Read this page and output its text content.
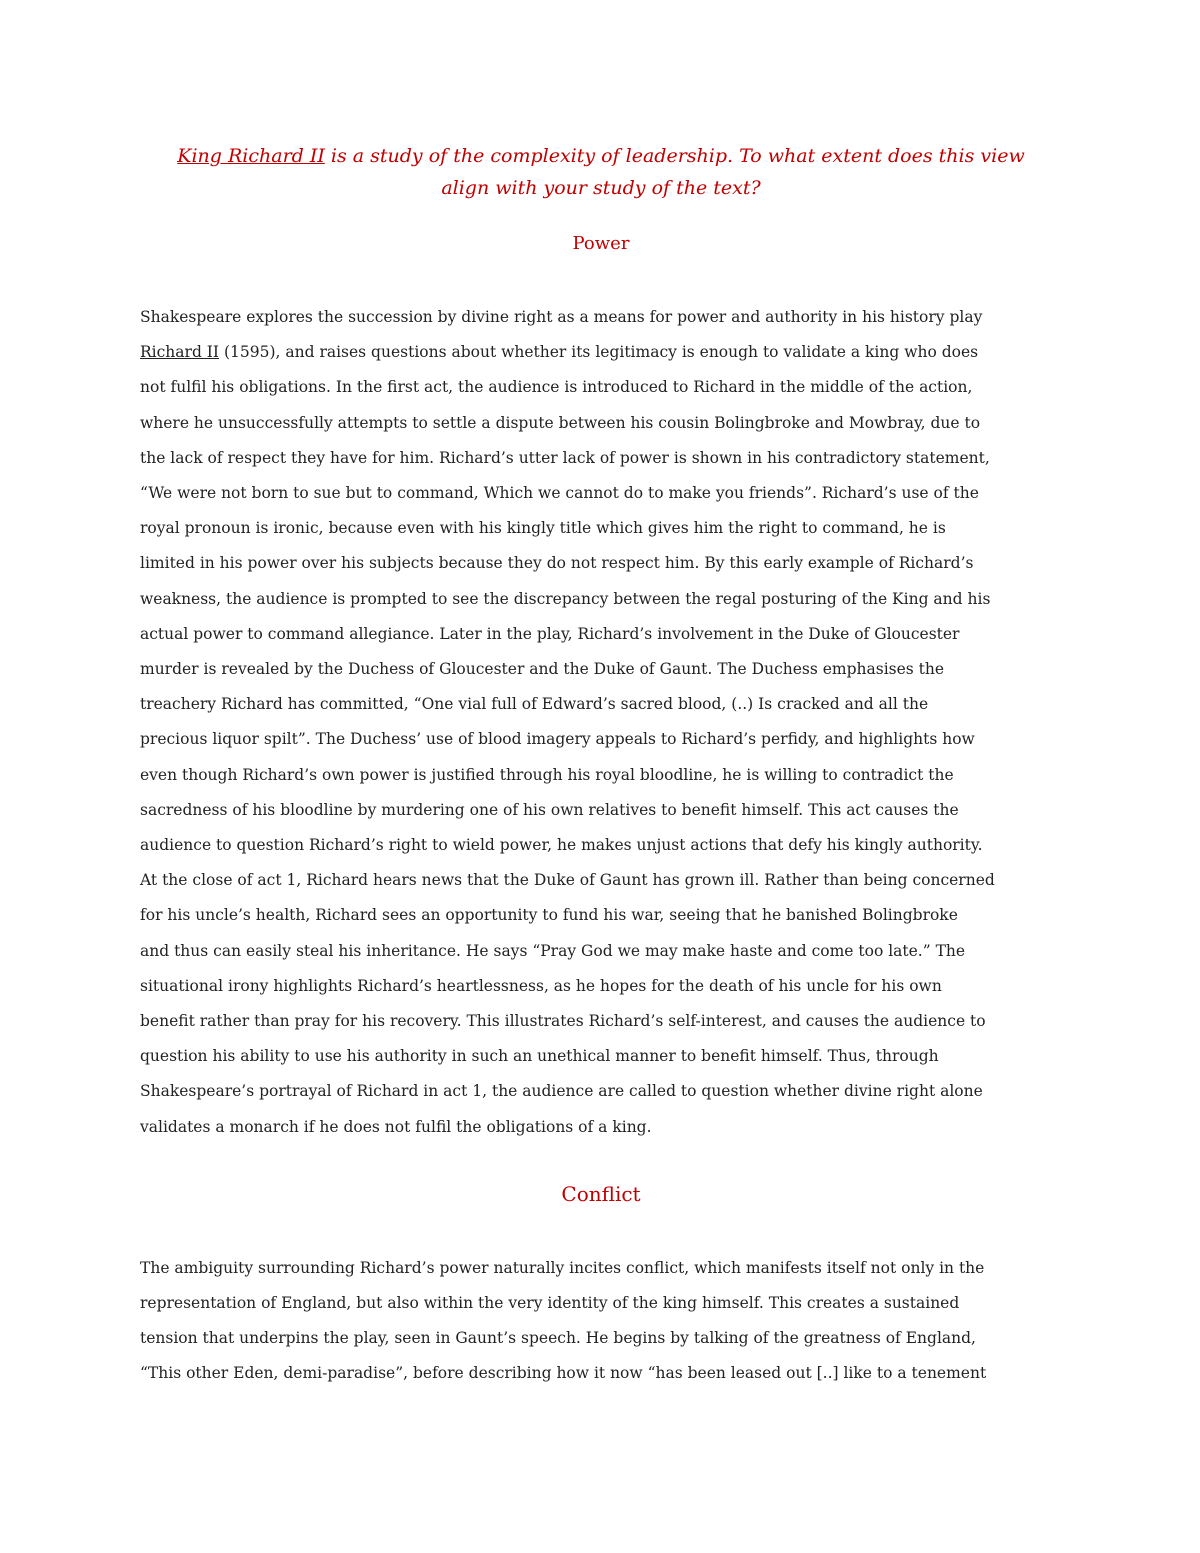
King Richard II is a study of the complexity of leadership. To what extent does this view
align with your study of the text?

Power

Shakespeare explores the succession by divine right as a means for power and authority in his history play
Richard II (1595), and raises questions about whether its legitimacy is enough to validate a king who does
not fulfil his obligations. In the first act, the audience is introduced to Richard in the middle of the action,
where he unsuccessfully attempts to settle a dispute between his cousin Bolingbroke and Mowbray, due to
the lack of respect they have for him. Richard’s utter lack of power is shown in his contradictory statement,
“We were not born to sue but to command, Which we cannot do to make you friends”. Richard’s use of the
royal pronoun is ironic, because even with his kingly title which gives him the right to command, he is
limited in his power over his subjects because they do not respect him. By this early example of Richard’s
weakness, the audience is prompted to see the discrepancy between the regal posturing of the King and his
actual power to command allegiance. Later in the play, Richard’s involvement in the Duke of Gloucester
murder is revealed by the Duchess of Gloucester and the Duke of Gaunt. The Duchess emphasises the
treachery Richard has committed, “One vial full of Edward’s sacred blood, (..) Is cracked and all the
precious liquor spilt”. The Duchess’ use of blood imagery appeals to Richard’s perfidy, and highlights how
even though Richard’s own power is justified through his royal bloodline, he is willing to contradict the
sacredness of his bloodline by murdering one of his own relatives to benefit himself. This act causes the
audience to question Richard’s right to wield power, he makes unjust actions that defy his kingly authority.
At the close of act 1, Richard hears news that the Duke of Gaunt has grown ill. Rather than being concerned
for his uncle’s health, Richard sees an opportunity to fund his war, seeing that he banished Bolingbroke
and thus can easily steal his inheritance. He says “Pray God we may make haste and come too late.” The
situational irony highlights Richard’s heartlessness, as he hopes for the death of his uncle for his own
benefit rather than pray for his recovery. This illustrates Richard’s self-interest, and causes the audience to
question his ability to use his authority in such an unethical manner to benefit himself. Thus, through
Shakespeare’s portrayal of Richard in act 1, the audience are called to question whether divine right alone
validates a monarch if he does not fulfil the obligations of a king.

Conflict

The ambiguity surrounding Richard’s power naturally incites conflict, which manifests itself not only in the
representation of England, but also within the very identity of the king himself. This creates a sustained
tension that underpins the play, seen in Gaunt’s speech. He begins by talking of the greatness of England,
“This other Eden, demi-paradise”, before describing how it now “has been leased out [..] like to a tenement
